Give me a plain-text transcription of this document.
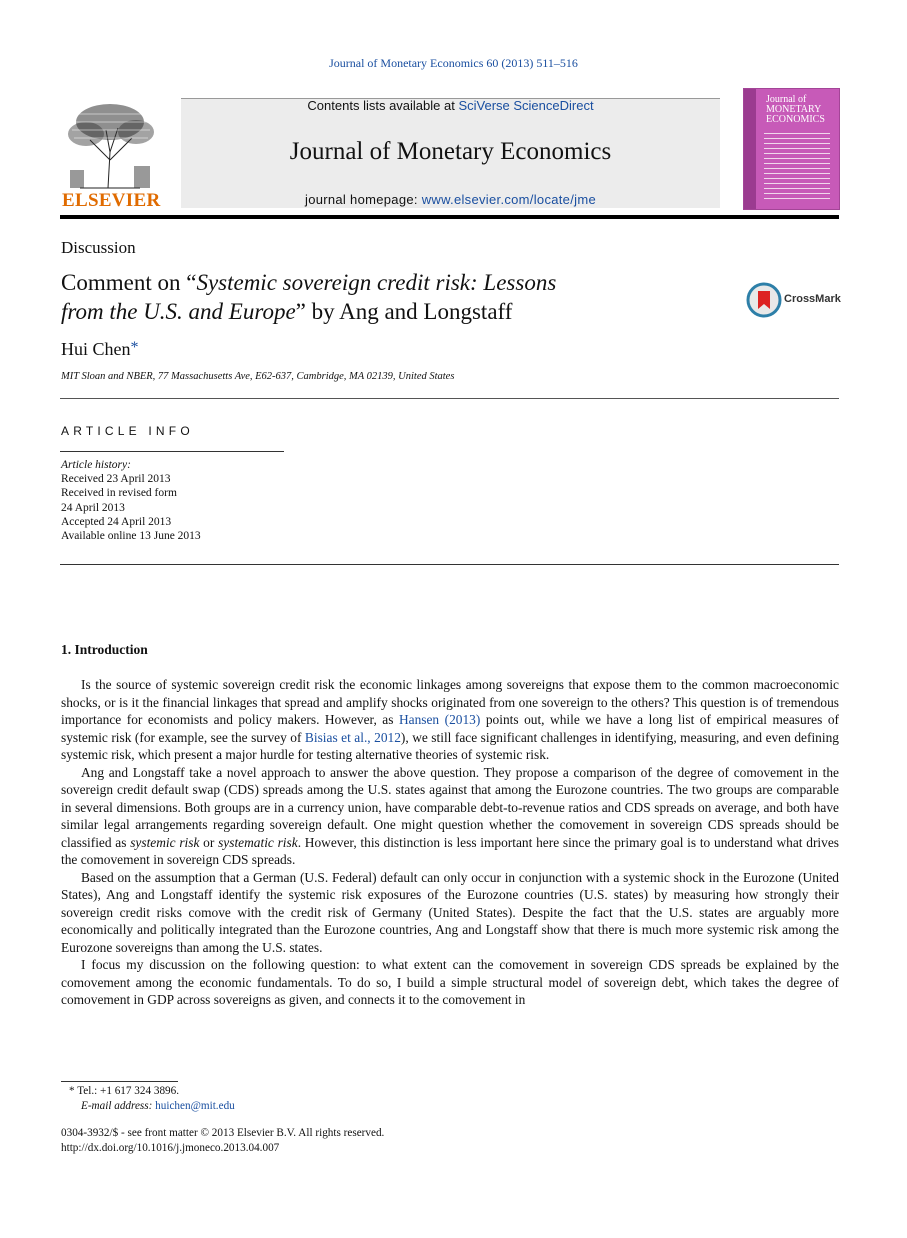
Journal of Monetary Economics 60 (2013) 511–516
ELSEVIER
Contents lists available at SciVerse ScienceDirect
Journal of Monetary Economics
journal homepage: www.elsevier.com/locate/jme
Journal of
MONETARY
ECONOMICS
Discussion
Comment on “Systemic sovereign credit risk: Lessons
from the U.S. and Europe” by Ang and Longstaff	CrossMark
Hui Chen*
MIT Sloan and NBER, 77 Massachusetts Ave, E62-637, Cambridge, MA 02139, United States
ARTICLE INFO
Article history:
Received 23 April 2013
Received in revised form
24 April 2013
Accepted 24 April 2013
Available online 13 June 2013
1. Introduction

Is the source of systemic sovereign credit risk the economic linkages among sovereigns that expose them to the common macroeconomic shocks, or is it the financial linkages that spread and amplify shocks originated from one sovereign to the others? This question is of tremendous importance for economists and policy makers. However, as Hansen (2013) points out, while we have a long list of empirical measures of systemic risk (for example, see the survey of Bisias et al., 2012), we still face significant challenges in identifying, measuring, and even defining systemic risk, which present a major hurdle for testing alternative theories of systemic risk.

Ang and Longstaff take a novel approach to answer the above question. They propose a comparison of the degree of comovement in the sovereign credit default swap (CDS) spreads among the U.S. states against that among the Eurozone countries. The two groups are comparable in several dimensions. Both groups are in a currency union, have comparable debt-to-revenue ratios and CDS spreads on average, and both have similar legal arrangements regarding sovereign default. One might question whether the comovement in sovereign CDS spreads should be classified as systemic risk or systematic risk. However, this distinction is less important here since the primary goal is to understand what drives the comovement in sovereign CDS spreads.

Based on the assumption that a German (U.S. Federal) default can only occur in conjunction with a systemic shock in the Eurozone (United States), Ang and Longstaff identify the systemic risk exposures of the Eurozone countries (U.S. states) by measuring how strongly their sovereign credit risks comove with the credit risk of Germany (United States). Despite the fact that the U.S. states are arguably more economically and politically integrated than the Eurozone countries, Ang and Longstaff show that there is much more systemic risk among the Eurozone sovereigns than among the U.S. states.

I focus my discussion on the following question: to what extent can the comovement in sovereign CDS spreads be explained by the comovement among the economic fundamentals. To do so, I build a simple structural model of sovereign debt, which takes the degree of comovement in GDP across sovereigns as given, and connects it to the comovement in

* Tel.: +1 617 324 3896.
E-mail address: huichen@mit.edu
0304-3932/$ - see front matter © 2013 Elsevier B.V. All rights reserved.
http://dx.doi.org/10.1016/j.jmoneco.2013.04.007
